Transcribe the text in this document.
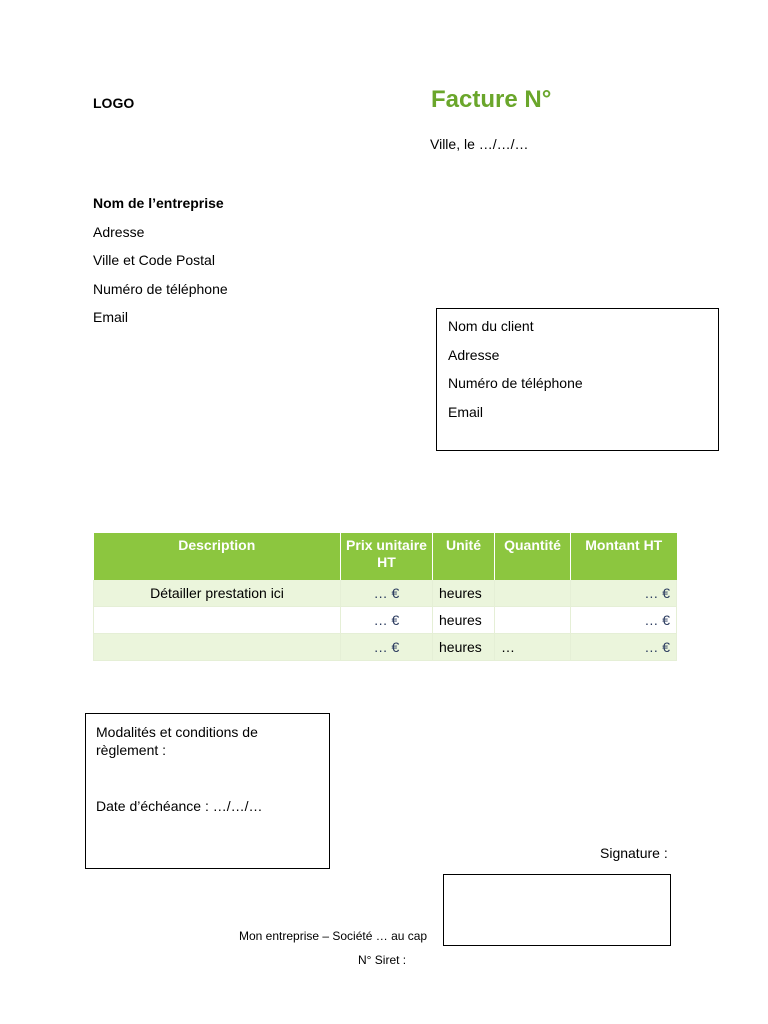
LOGO	Facture N°
Ville, le …/…/…
Nom de l’entreprise
Adresse
Ville et Code Postal
Numéro de téléphone
Email
Nom du client
Adresse
Numéro de téléphone
Email
Description	Prix unitaire HT	Unité	Quantité	Montant HT
Détailler prestation ici	… €	heures		… €
	… €	heures		… €
	… €	heures	…	… €
Modalités et conditions de règlement :
Date d’échéance : …/…/…
Signature :
Mon entreprise – Société … au cap
N° Siret :
